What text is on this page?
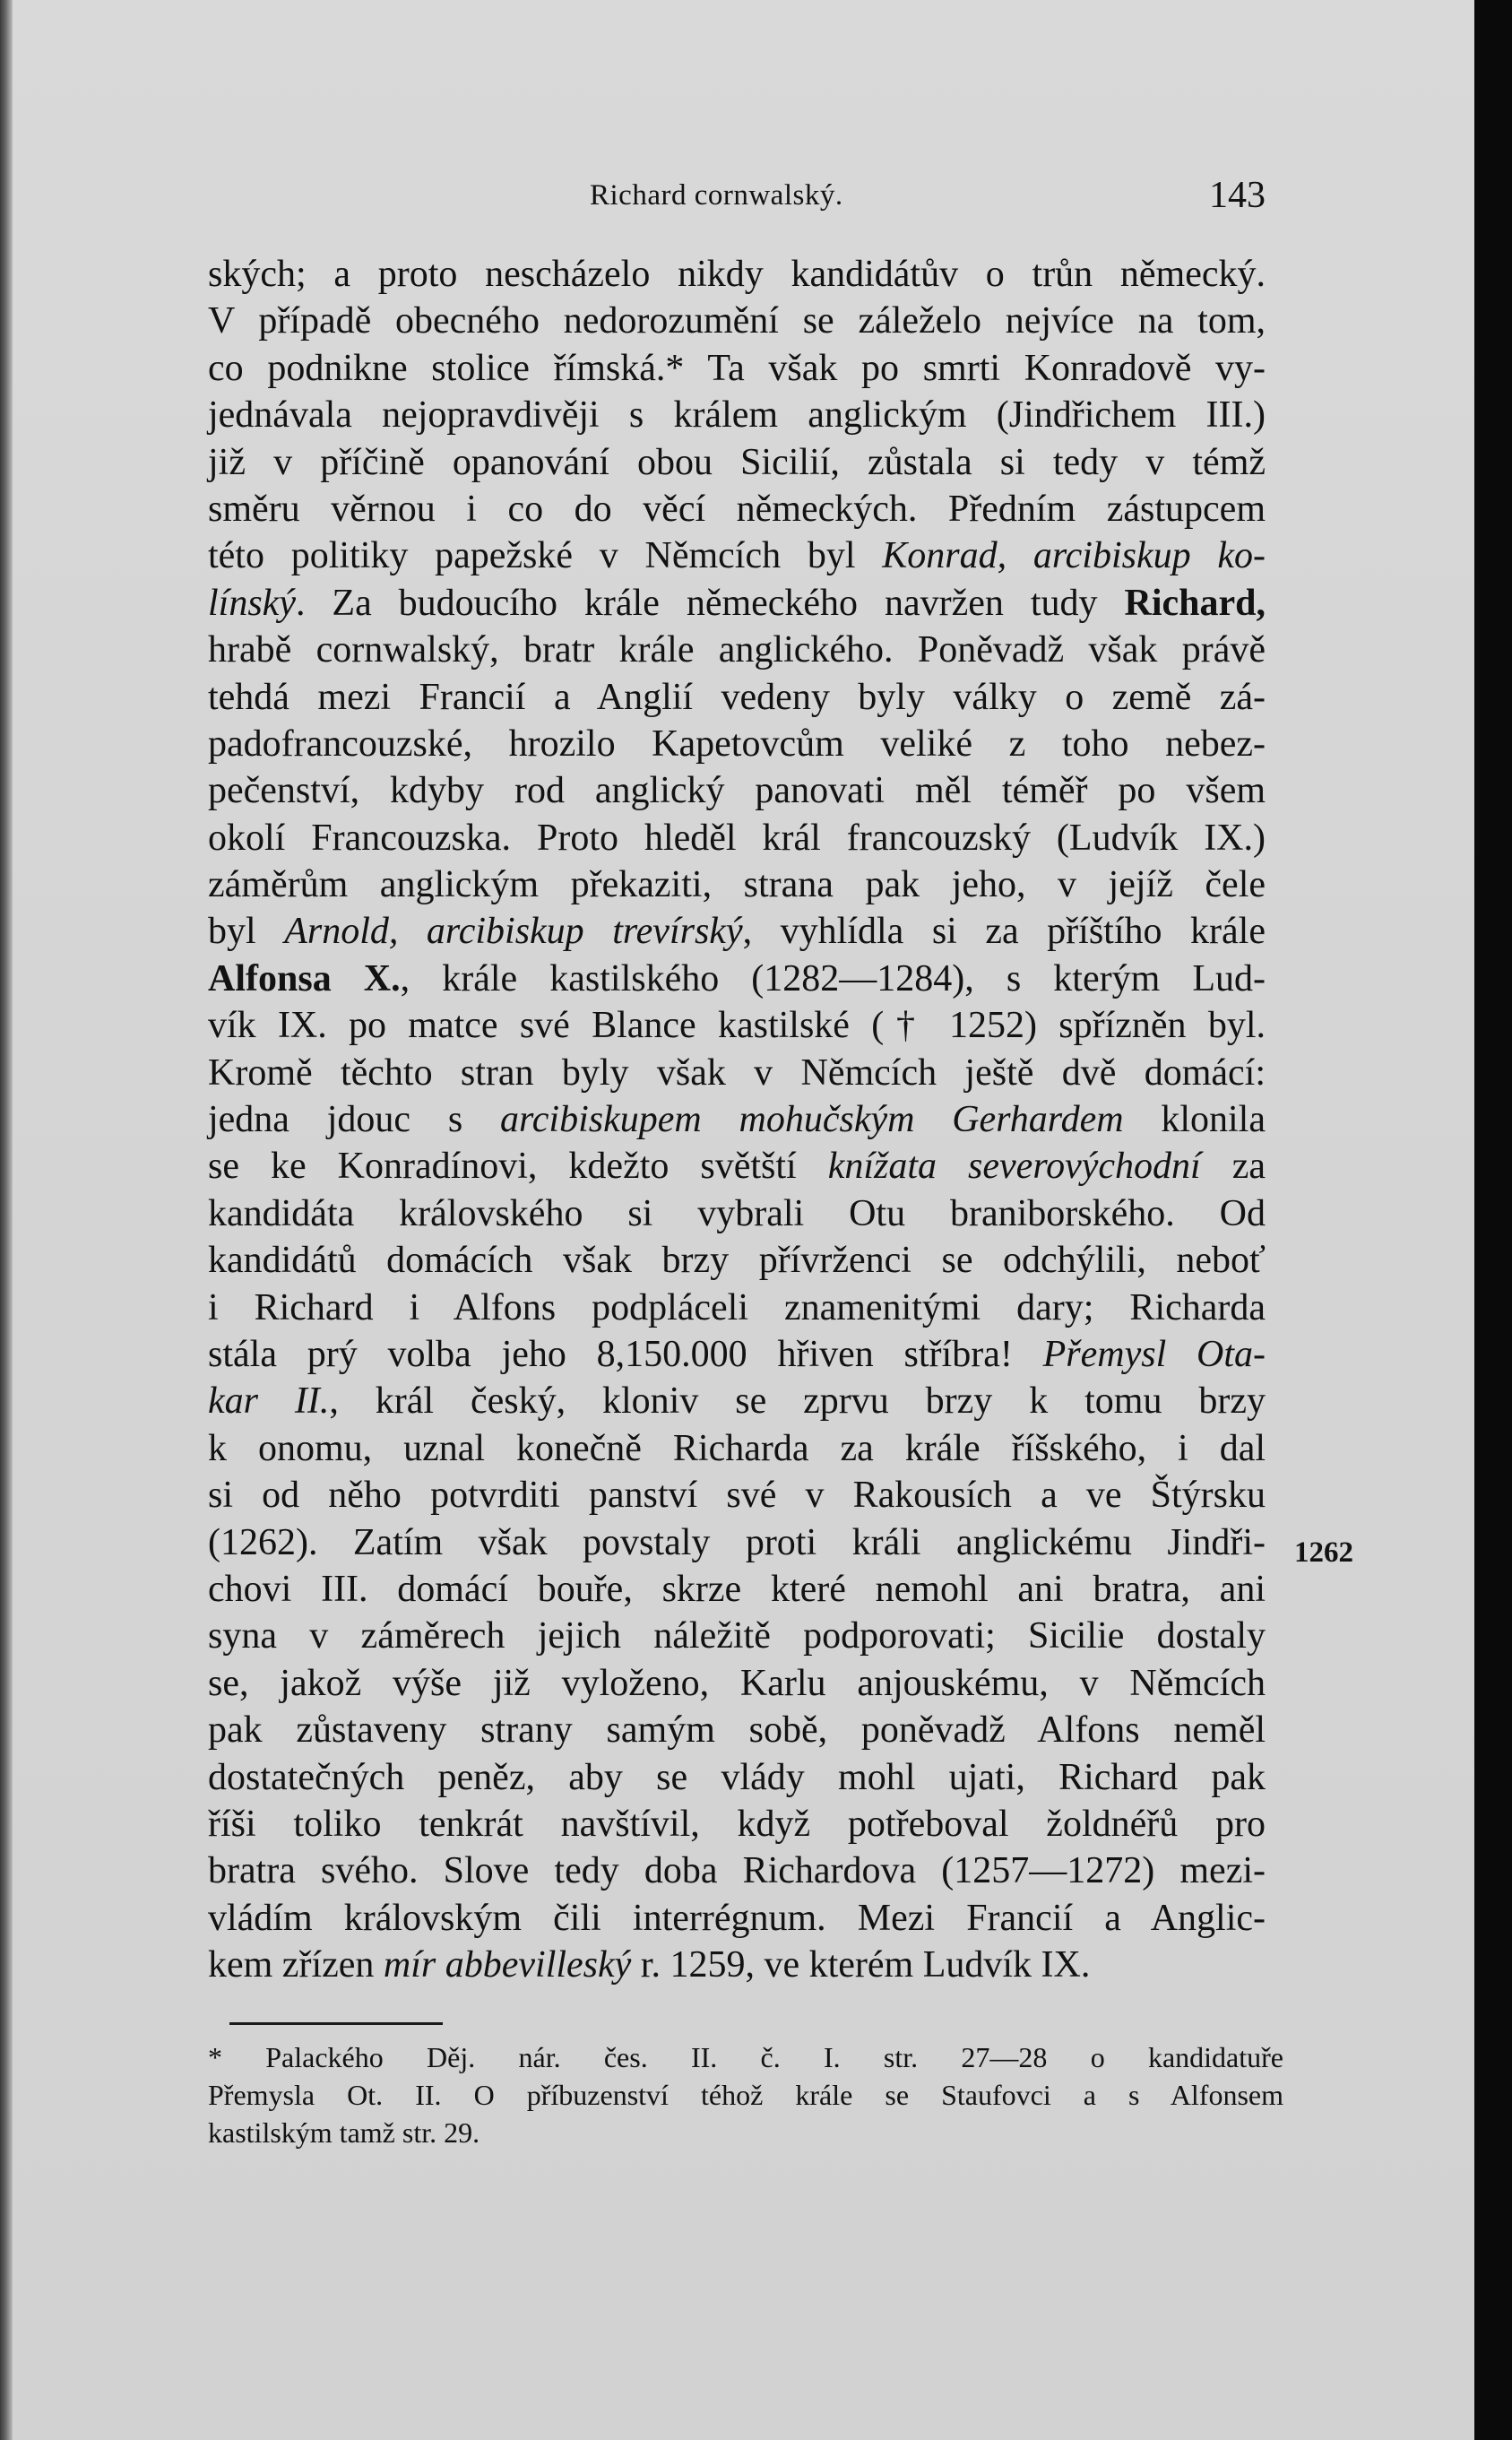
Richard cornwalský.	143
ských; a proto nescházelo nikdy kandidátův o trůn německý.
V případě obecného nedorozumění se záleželo nejvíce na tom,
co podnikne stolice římská.* Ta však po smrti Konradově vy-
jednávala nejopravdivěji s králem anglickým (Jindřichem III.)
již v příčině opanování obou Sicilií, zůstala si tedy v témž
směru věrnou i co do věcí německých. Předním zástupcem
této politiky papežské v Němcích byl Konrad, arcibiskup ko-
línský. Za budoucího krále německého navržen tudy Richard,
hrabě cornwalský, bratr krále anglického. Poněvadž však právě
tehdá mezi Francií a Anglií vedeny byly války o země zá-
padofrancouzské, hrozilo Kapetovcům veliké z toho nebez-
pečenství, kdyby rod anglický panovati měl téměř po všem
okolí Francouzska. Proto hleděl král francouzský (Ludvík IX.)
záměrům anglickým překaziti, strana pak jeho, v jejíž čele
byl Arnold, arcibiskup trevírský, vyhlídla si za příštího krále
Alfonsa X., krále kastilského (1282—1284), s kterým Lud-
vík IX. po matce své Blance kastilské († 1252) spřízněn byl.
Kromě těchto stran byly však v Němcích ještě dvě domácí:
jedna jdouc s arcibiskupem mohučským Gerhardem klonila
se ke Konradínovi, kdežto světští knížata severovýchodní za
kandidáta královského si vybrali Otu braniborského. Od
kandidátů domácích však brzy přívrženci se odchýlili, neboť
i Richard i Alfons podpláceli znamenitými dary; Richarda
stála prý volba jeho 8,150.000 hřiven stříbra! Přemysl Ota-
kar II., král český, kloniv se zprvu brzy k tomu brzy
k onomu, uznal konečně Richarda za krále říšského, i dal
si od něho potvrditi panství své v Rakousích a ve Štýrsku
(1262). Zatím však povstaly proti králi anglickému Jindři-
chovi III. domácí bouře, skrze které nemohl ani bratra, ani
syna v záměrech jejich náležitě podporovati; Sicilie dostaly
se, jakož výše již vyloženo, Karlu anjouskému, v Němcích
pak zůstaveny strany samým sobě, poněvadž Alfons neměl
dostatečných peněz, aby se vlády mohl ujati, Richard pak
říši toliko tenkrát navštívil, když potřeboval žoldnéřů pro
bratra svého. Slove tedy doba Richardova (1257—1272) mezi-
vládím královským čili interrégnum. Mezi Francií a Anglic-
kem zřízen mír abbevilleský r. 1259, ve kterém Ludvík IX.
1262
* Palackého Děj. nár. čes. II. č. I. str. 27—28 o kandidatuře
Přemysla Ot. II. O příbuzenství téhož krále se Staufovci a s Alfonsem
kastilským tamž str. 29.
